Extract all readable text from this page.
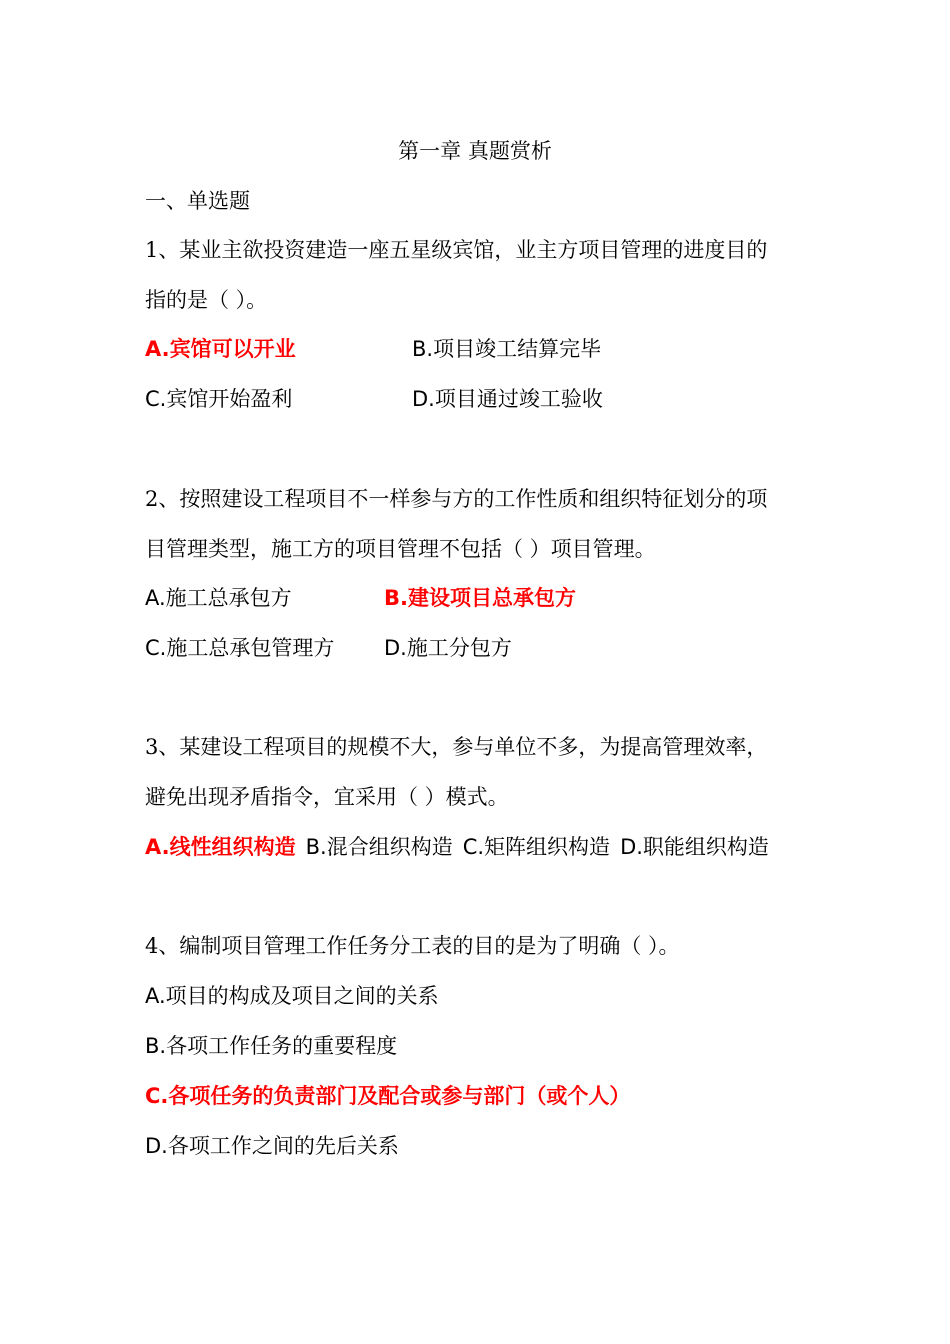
第一章 真题赏析
一、单选题
1、某业主欲投资建造一座五星级宾馆，业主方项目管理的进度目的
指的是（ ）。
A.宾馆可以开业	B.项目竣工结算完毕
C.宾馆开始盈利	D.项目通过竣工验收
2、按照建设工程项目不一样参与方的工作性质和组织特征划分的项
目管理类型，施工方的项目管理不包括（ ）项目管理。
A.施工总承包方	B.建设项目总承包方
C.施工总承包管理方 D.施工分包方
3、某建设工程项目的规模不大，参与单位不多，为提高管理效率，
避免出现矛盾指令，宜采用（ ）模式。
A.线性组织构造 B.混合组织构造 C.矩阵组织构造 D.职能组织构造
4、编制项目管理工作任务分工表的目的是为了明确（ ）。
A.项目的构成及项目之间的关系
B.各项工作任务的重要程度
C.各项任务的负责部门及配合或参与部门（或个人）
D.各项工作之间的先后关系
